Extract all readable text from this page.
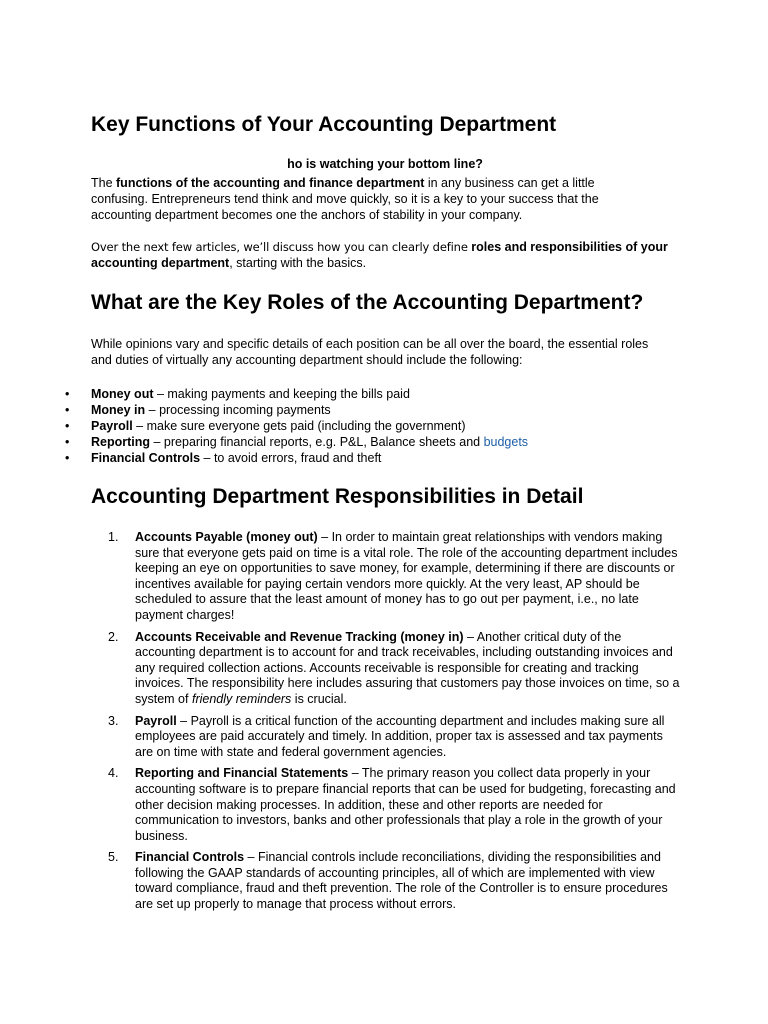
Key Functions of Your Accounting Department
ho is watching your bottom line?

The functions of the accounting and finance department in any business can get a little confusing. Entrepreneurs tend think and move quickly, so it is a key to your success that the accounting department becomes one the anchors of stability in your company.

Over the next few articles, we’ll discuss how you can clearly define roles and responsibilities of your accounting department, starting with the basics.

What are the Key Roles of the Accounting Department?

While opinions vary and specific details of each position can be all over the board, the essential roles and duties of virtually any accounting department should include the following:

• Money out – making payments and keeping the bills paid
• Money in – processing incoming payments
• Payroll – make sure everyone gets paid (including the government)
• Reporting – preparing financial reports, e.g. P&L, Balance sheets and budgets
• Financial Controls – to avoid errors, fraud and theft
Accounting Department Responsibilities in Detail
1. Accounts Payable (money out) – In order to maintain great relationships with vendors making sure that everyone gets paid on time is a vital role. The role of the accounting department includes keeping an eye on opportunities to save money, for example, determining if there are discounts or incentives available for paying certain vendors more quickly. At the very least, AP should be scheduled to assure that the least amount of money has to go out per payment, i.e., no late payment charges!
2. Accounts Receivable and Revenue Tracking (money in) – Another critical duty of the accounting department is to account for and track receivables, including outstanding invoices and any required collection actions. Accounts receivable is responsible for creating and tracking invoices. The responsibility here includes assuring that customers pay those invoices on time, so a system of friendly reminders is crucial.
3. Payroll – Payroll is a critical function of the accounting department and includes making sure all employees are paid accurately and timely. In addition, proper tax is assessed and tax payments are on time with state and federal government agencies.
4. Reporting and Financial Statements – The primary reason you collect data properly in your accounting software is to prepare financial reports that can be used for budgeting, forecasting and other decision making processes. In addition, these and other reports are needed for communication to investors, banks and other professionals that play a role in the growth of your business.
5. Financial Controls – Financial controls include reconciliations, dividing the responsibilities and following the GAAP standards of accounting principles, all of which are implemented with view toward compliance, fraud and theft prevention. The role of the Controller is to ensure procedures are set up properly to manage that process without errors.
